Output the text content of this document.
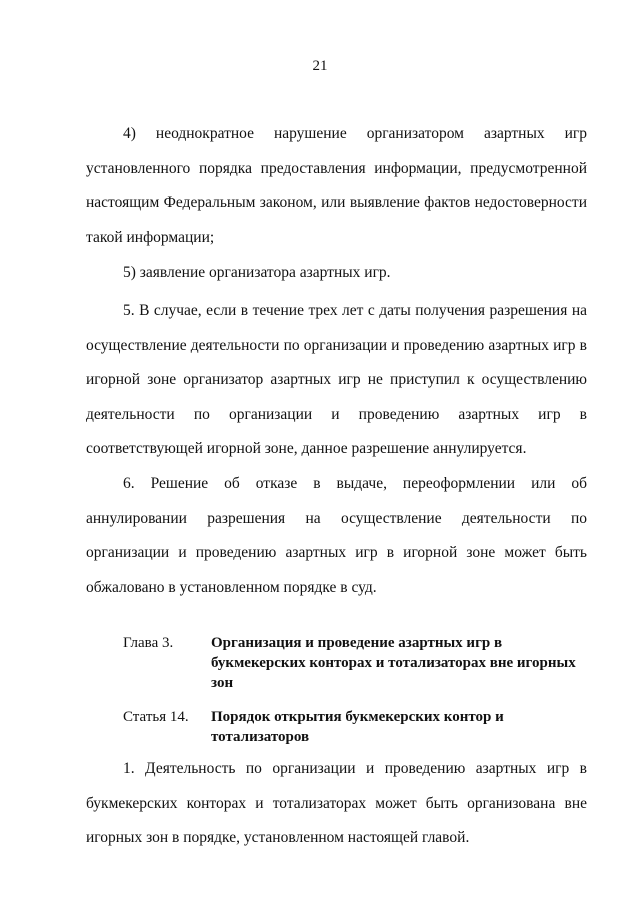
21

4) неоднократное нарушение организатором азартных игр установленного порядка предоставления информации, предусмотренной настоящим Федеральным законом, или выявление фактов недостоверности такой информации;

5) заявление организатора азартных игр.

5. В случае, если в течение трех лет с даты получения разрешения на осуществление деятельности по организации и проведению азартных игр в игорной зоне организатор азартных игр не приступил к осуществлению деятельности по организации и проведению азартных игр в соответствующей игорной зоне, данное разрешение аннулируется.

6. Решение об отказе в выдаче, переоформлении или об аннулировании разрешения на осуществление деятельности по организации и проведению азартных игр в игорной зоне может быть обжаловано в установленном порядке в суд.

Глава 3.	Организация и проведение азартных игр в букмекерских конторах и тотализаторах вне игорных зон
Статья 14.	Порядок открытия букмекерских контор и тотализаторов

1. Деятельность по организации и проведению азартных игр в букмекерских конторах и тотализаторах может быть организована вне игорных зон в порядке, установленном настоящей главой.
